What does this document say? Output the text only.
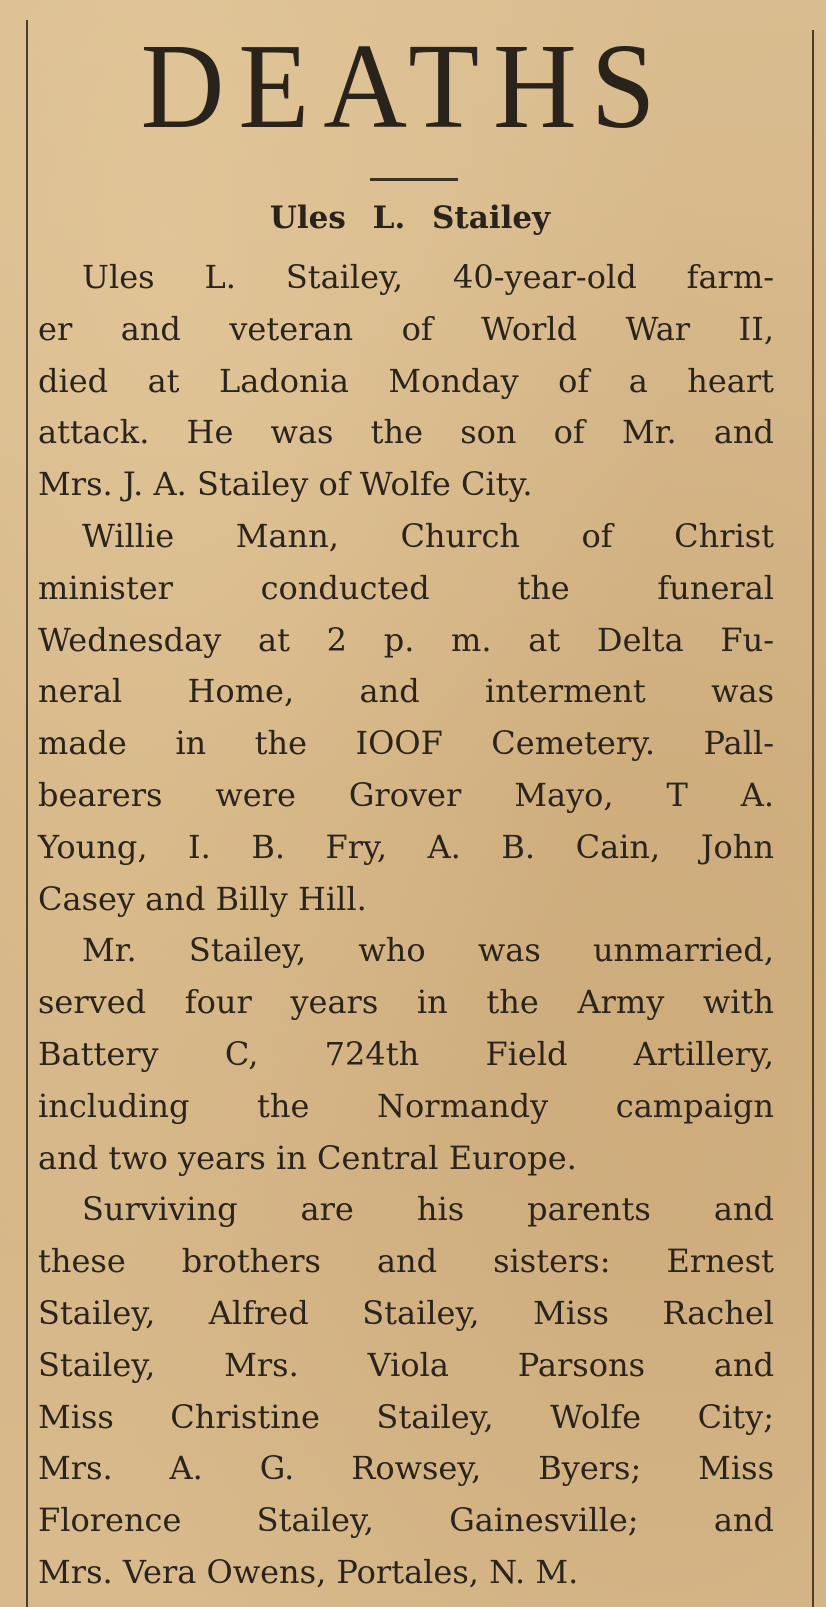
DEATHS
Ules L. Stailey
Ules L. Stailey, 40-year-old farm-
er and veteran of World War II,
died at Ladonia Monday of a heart
attack. He was the son of Mr. and
Mrs. J. A. Stailey of Wolfe City.
Willie Mann, Church of Christ
minister conducted the funeral
Wednesday at 2 p. m. at Delta Fu-
neral Home, and interment was
made in the IOOF Cemetery. Pall-
bearers were Grover Mayo, T A.
Young, I. B. Fry, A. B. Cain, John
Casey and Billy Hill.
Mr. Stailey, who was unmarried,
served four years in the Army with
Battery C, 724th Field Artillery,
including the Normandy campaign
and two years in Central Europe.
Surviving are his parents and
these brothers and sisters: Ernest
Stailey, Alfred Stailey, Miss Rachel
Stailey, Mrs. Viola Parsons and
Miss Christine Stailey, Wolfe City;
Mrs. A. G. Rowsey, Byers; Miss
Florence Stailey, Gainesville; and
Mrs. Vera Owens, Portales, N. M.
